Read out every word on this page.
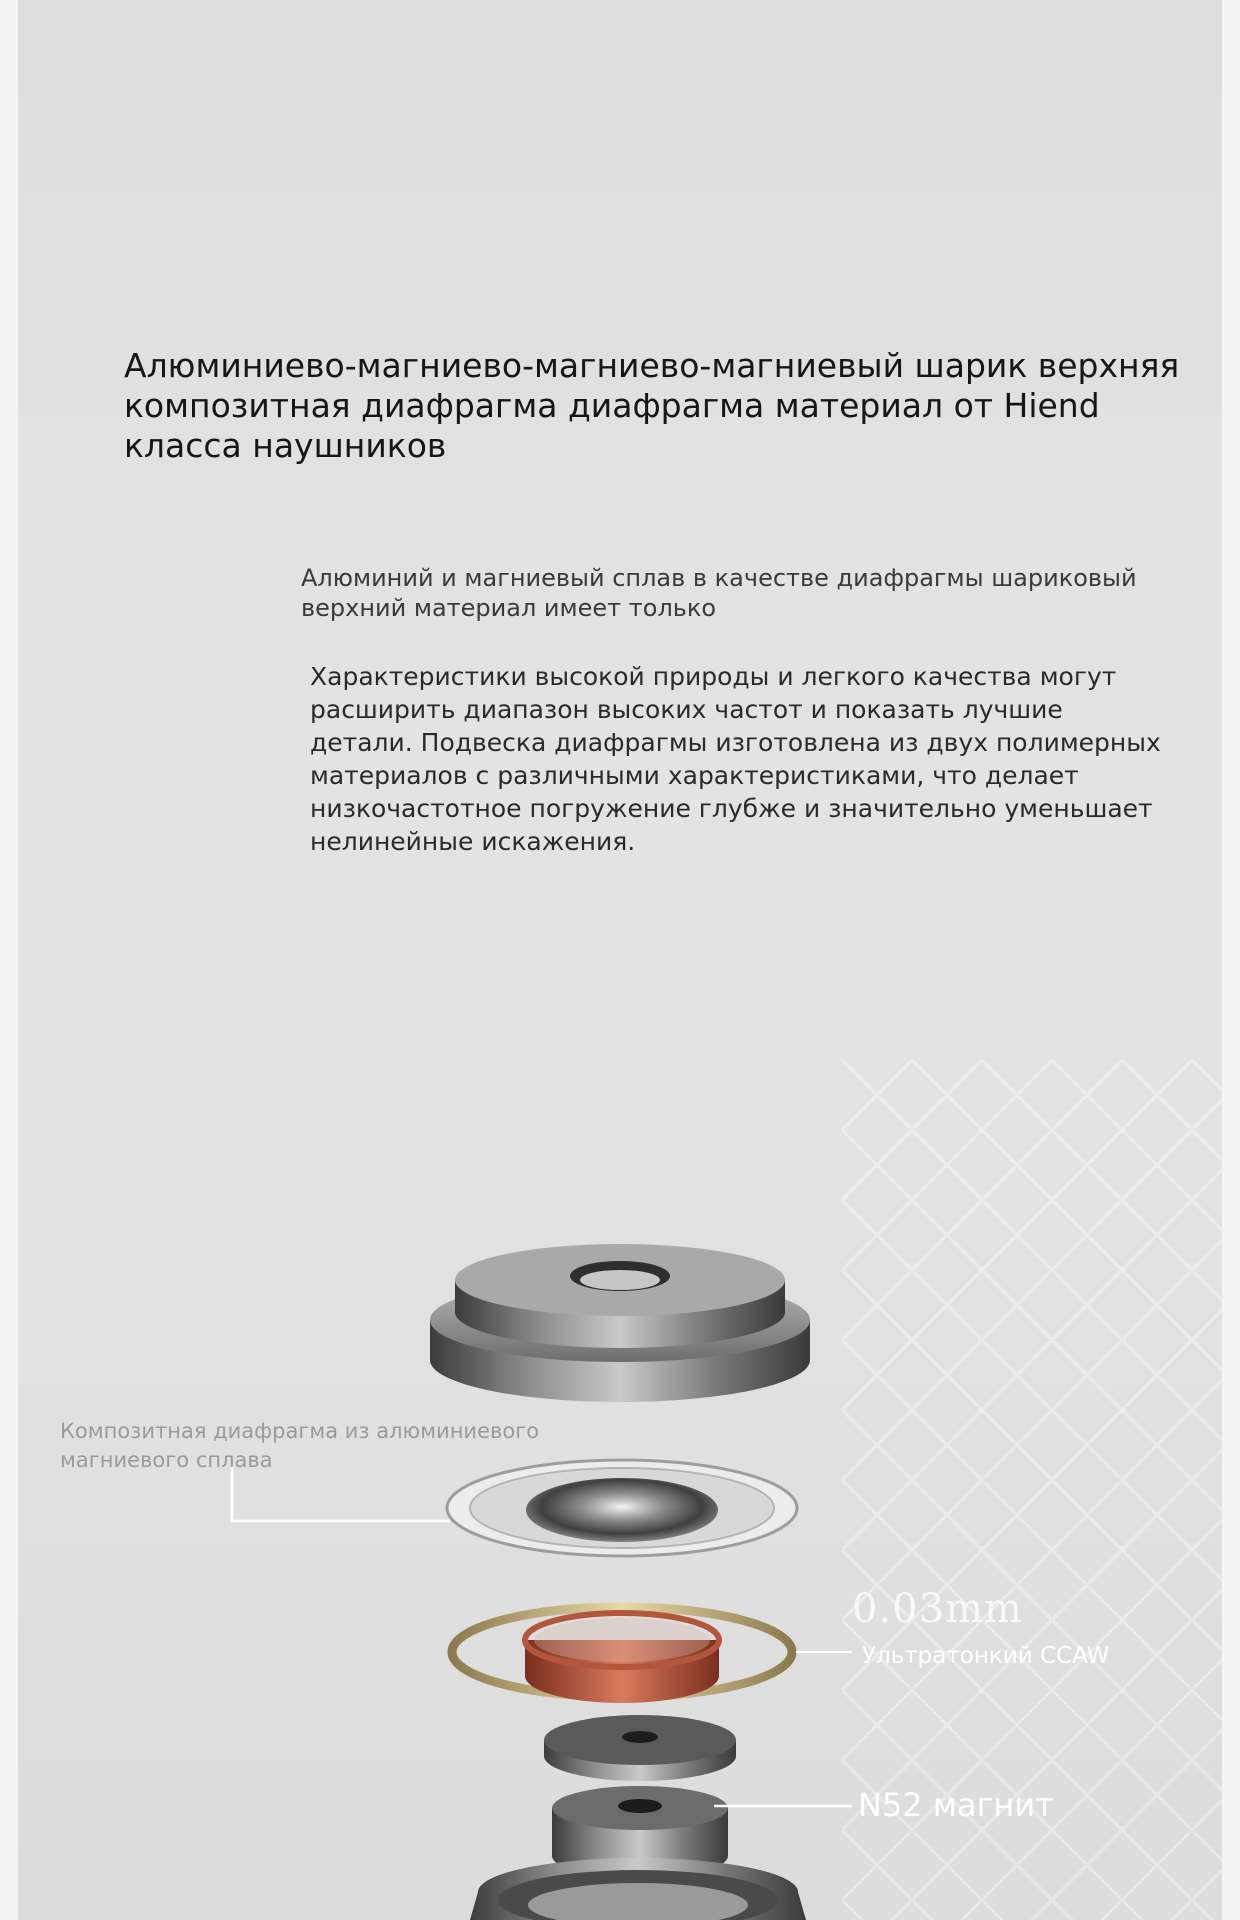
Алюминиево-магниево-магниево-магниевый шарик верхняя композитная диафрагма диафрагма материал от Hiend класса наушников
Алюминий и магниевый сплав в качестве диафрагмы шариковый верхний материал имеет только
Характеристики высокой природы и легкого качества могут расширить диапазон высоких частот и показать лучшие детали. Подвеска диафрагмы изготовлена из двух полимерных материалов с различными характеристиками, что делает низкочастотное погружение глубже и значительно уменьшает нелинейные искажения.
Композитная диафрагма из алюминиевого магниевого сплава
0.03mm
Ультратонкий CCAW
N52 магнит
